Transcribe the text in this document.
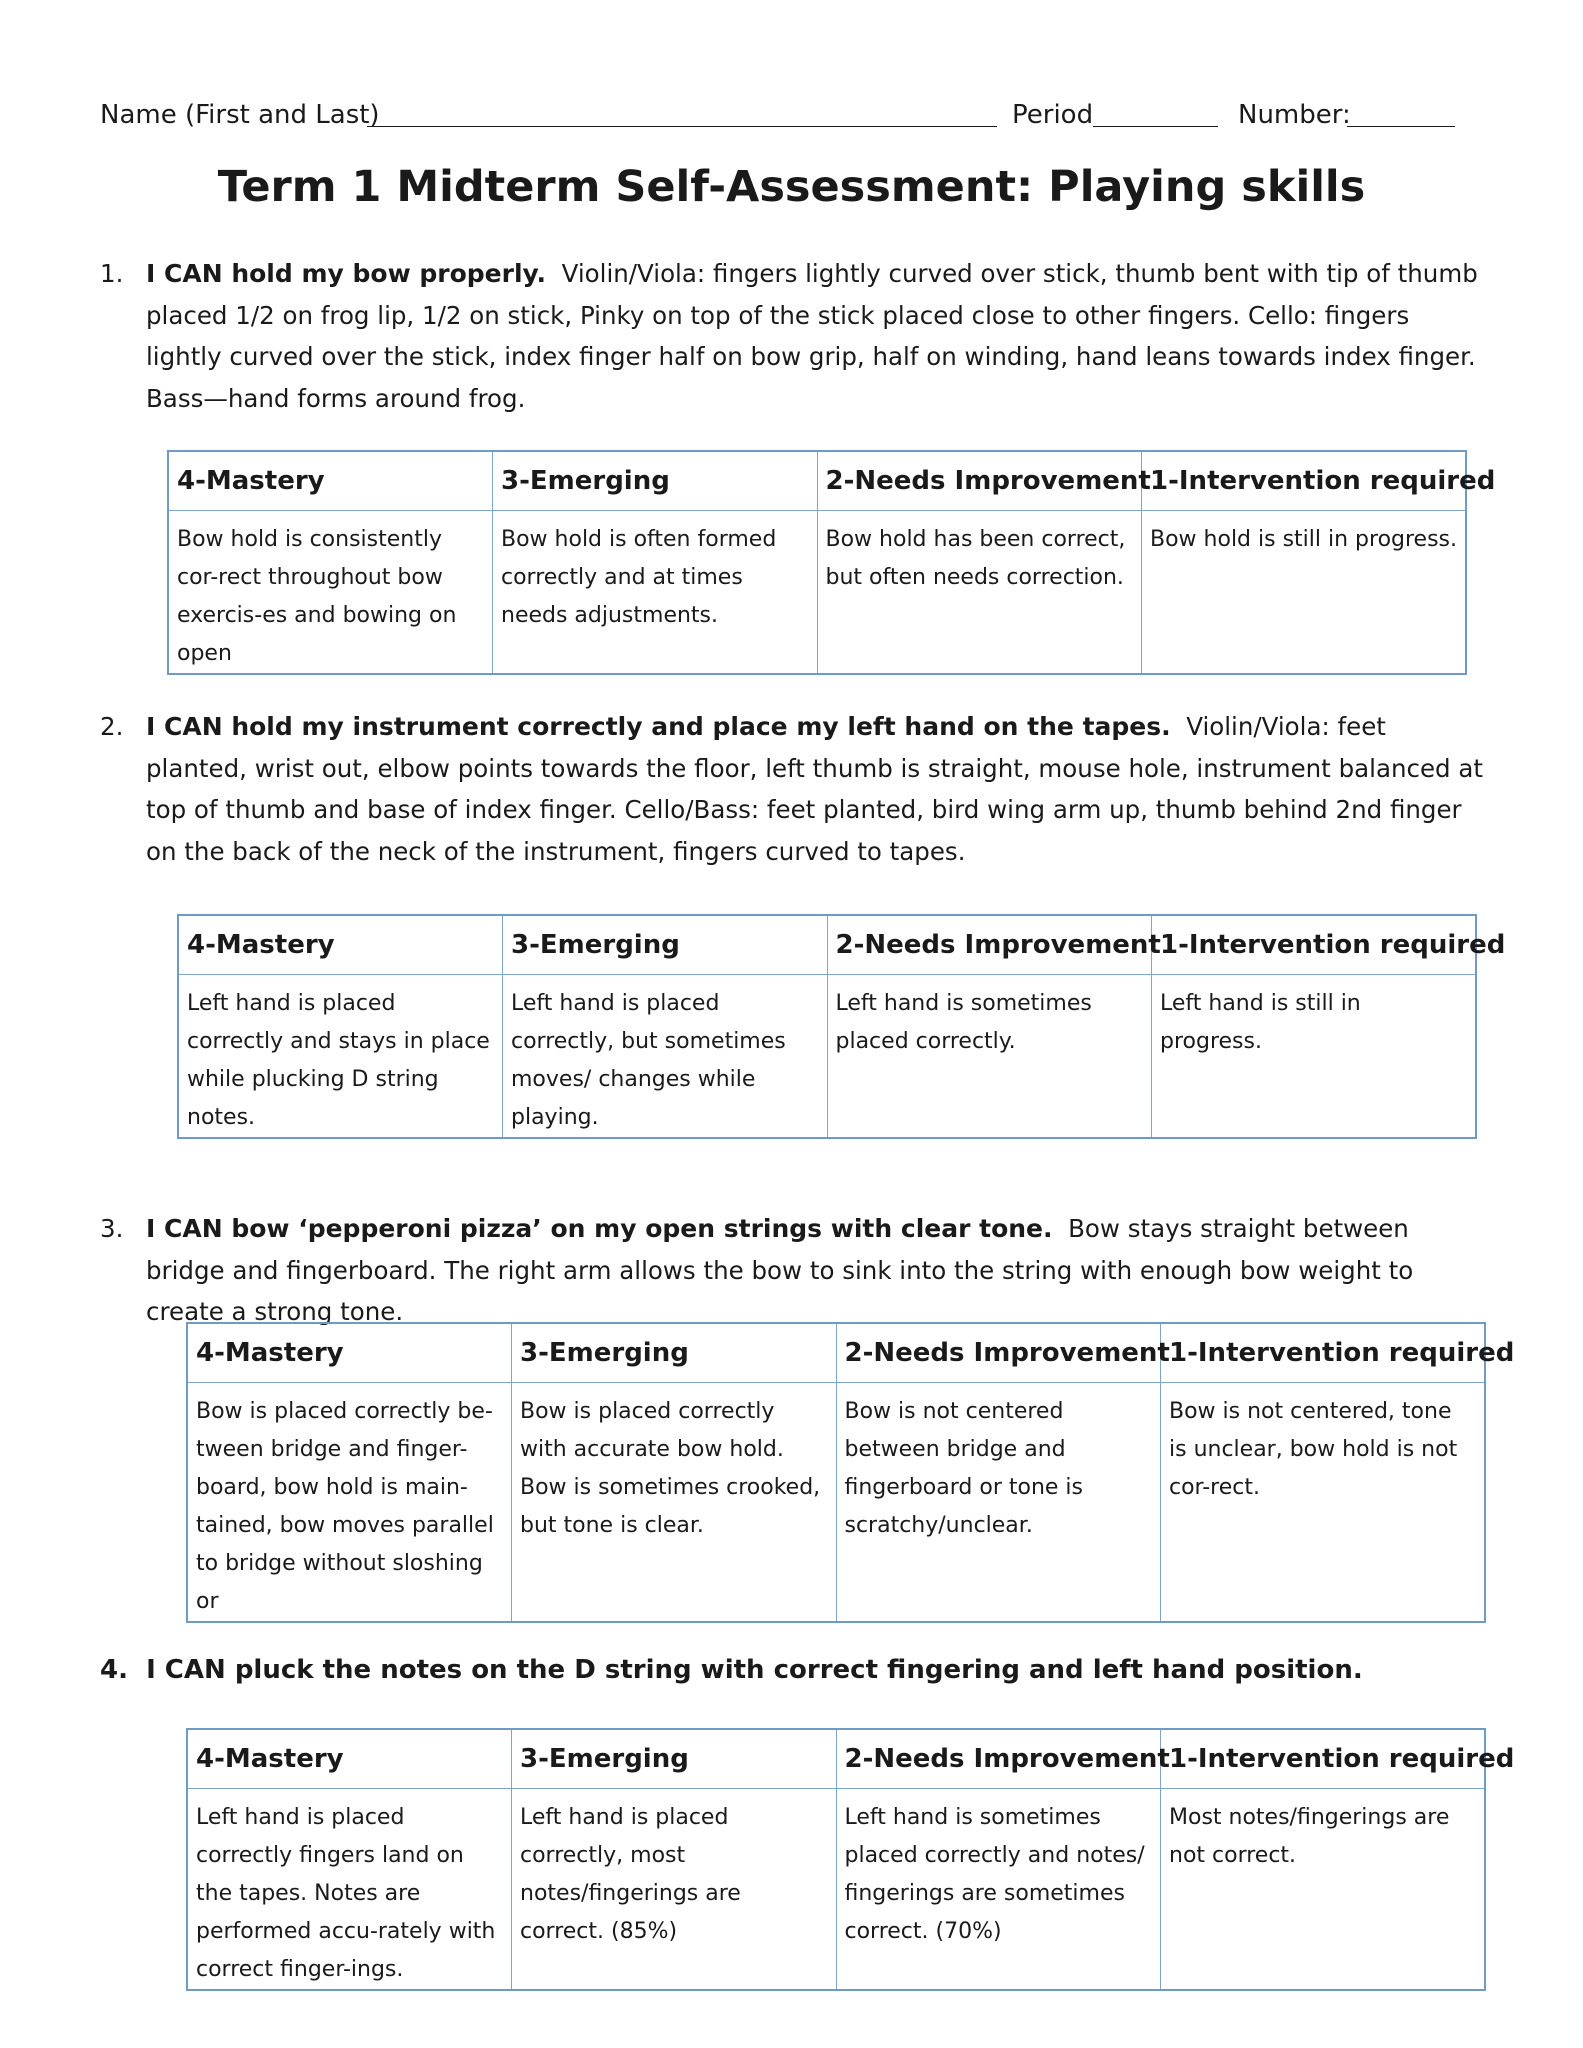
Name (First and Last)	Period	Number:
Term 1 Midterm Self-Assessment: Playing skills
1. I CAN hold my bow properly. Violin/Viola: fingers lightly curved over stick, thumb bent with tip of thumb placed 1/2 on frog lip, 1/2 on stick, Pinky on top of the stick placed close to other fingers. Cello: fingers lightly curved over the stick, index finger half on bow grip, half on winding, hand leans towards index finger. Bass—hand forms around frog.
4-Mastery	3-Emerging	2-Needs Improvement	1-Intervention required
Bow hold is consistently cor-rect throughout bow exercis-es and bowing on open	Bow hold is often formed correctly and at times needs adjustments.	Bow hold has been correct, but often needs correction.	Bow hold is still in progress.
2. I CAN hold my instrument correctly and place my left hand on the tapes. Violin/Viola: feet planted, wrist out, elbow points towards the floor, left thumb is straight, mouse hole, instrument balanced at top of thumb and base of index finger. Cello/Bass: feet planted, bird wing arm up, thumb behind 2nd finger on the back of the neck of the instrument, fingers curved to tapes.
4-Mastery	3-Emerging	2-Needs Improvement	1-Intervention required
Left hand is placed correctly and stays in place while plucking D string notes.	Left hand is placed correctly, but sometimes moves/ changes while playing.	Left hand is sometimes placed correctly.	Left hand is still in progress.
3. I CAN bow ‘pepperoni pizza’ on my open strings with clear tone. Bow stays straight between bridge and fingerboard. The right arm allows the bow to sink into the string with enough bow weight to create a strong tone.
4-Mastery	3-Emerging	2-Needs Improvement	1-Intervention required
Bow is placed correctly be-tween bridge and finger-board, bow hold is main-tained, bow moves parallel to bridge without sloshing or	Bow is placed correctly with accurate bow hold. Bow is sometimes crooked, but tone is clear.	Bow is not centered between bridge and fingerboard or tone is scratchy/unclear.	Bow is not centered, tone is unclear, bow hold is not cor-rect.
4. I CAN pluck the notes on the D string with correct fingering and left hand position.
4-Mastery	3-Emerging	2-Needs Improvement	1-Intervention required
Left hand is placed correctly fingers land on the tapes. Notes are performed accu-rately with correct finger-ings.	Left hand is placed correctly, most notes/fingerings are correct. (85%)	Left hand is sometimes placed correctly and notes/ fingerings are sometimes correct. (70%)	Most notes/fingerings are not correct.
